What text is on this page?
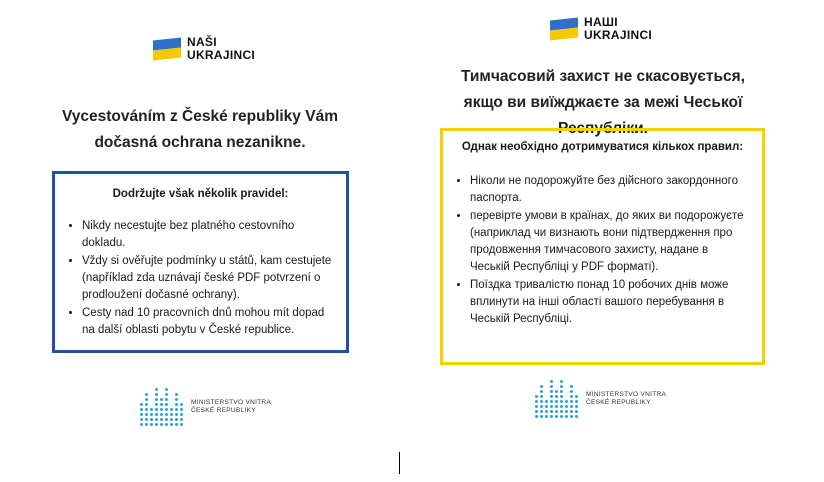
NAŠI
UKRAJINCI
Vycestováním z České republiky Vám dočasná ochrana nezanikne.
Dodržujte však několik pravidel:
• Nikdy necestujte bez platného cestovního dokladu.
• Vždy si ověřujte podmínky u států, kam cestujete (například zda uznávají české PDF potvrzení o prodloužení dočasné ochrany).
• Cesty nad 10 pracovních dnů mohou mít dopad na další oblasti pobytu v České republice.
MINISTERSTVO VNITRA
ČESKÉ REPUBLIKY
НАШІ
UKRAJINCI
Тимчасовий захист не скасовується, якщо ви виїжджаєте за межі Чеської Республіки.
Однак необхідно дотримуватися кількох правил:
• Ніколи не подорожуйте без дійсного закордонного паспорта.
• перевірте умови в країнах, до яких ви подорожуєте (наприклад чи визнають вони підтвердження про продовження тимчасового захисту, надане в Чеській Республіці у PDF форматі).
• Поїздка тривалістю понад 10 робочих днів може вплинути на інші області вашого перебування в Чеській Республіці.
MINISTERSTVO VNITRA
ČESKÉ REPUBLIKY
